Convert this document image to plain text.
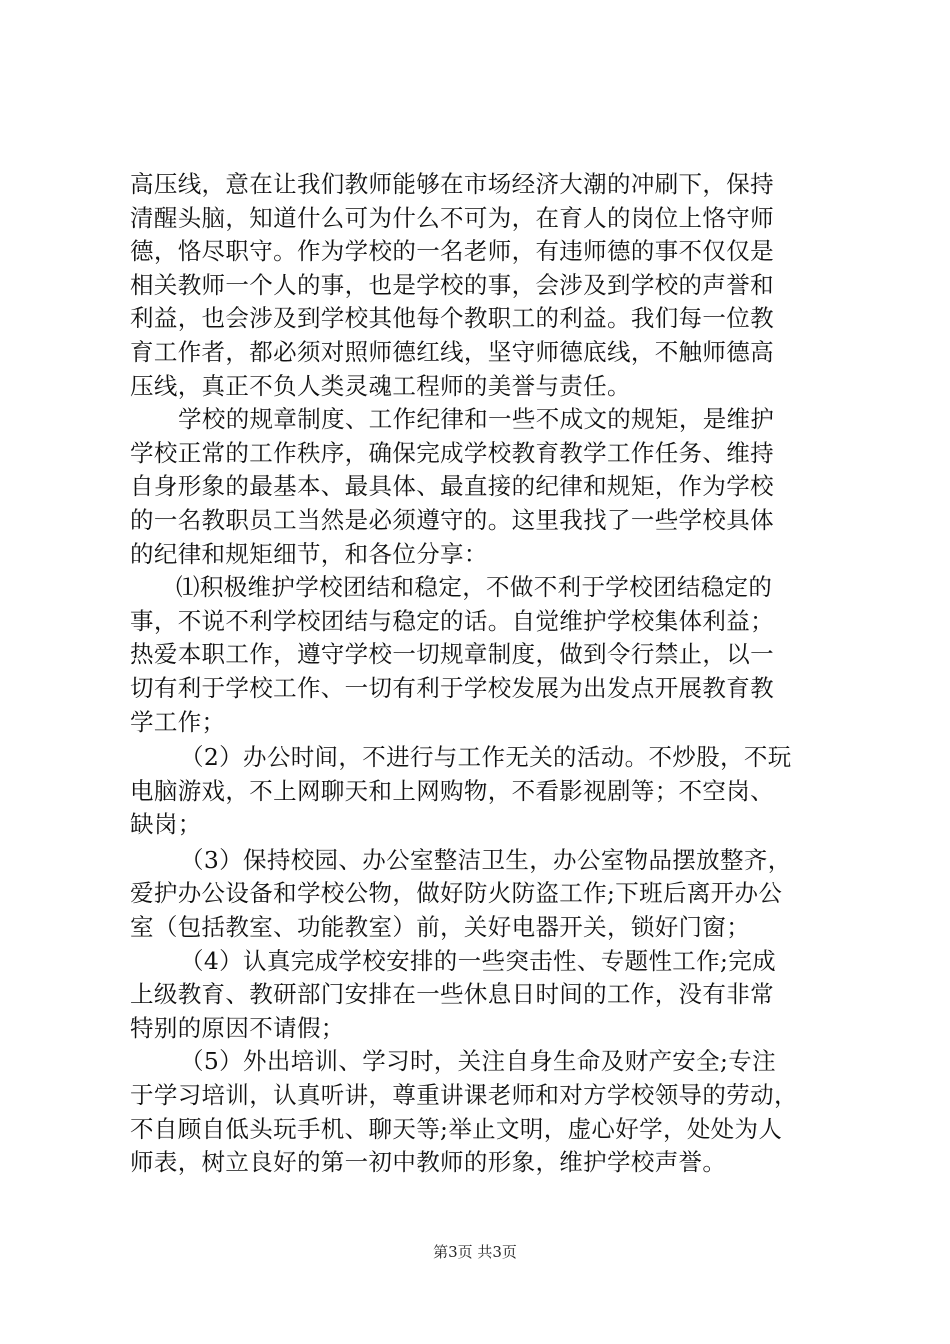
高压线，意在让我们教师能够在市场经济大潮的冲刷下，保持
清醒头脑，知道什么可为什么不可为，在育人的岗位上恪守师
德，恪尽职守。作为学校的一名老师，有违师德的事不仅仅是
相关教师一个人的事，也是学校的事，会涉及到学校的声誉和
利益，也会涉及到学校其他每个教职工的利益。我们每一位教
育工作者，都必须对照师德红线，坚守师德底线，不触师德高
压线，真正不负人类灵魂工程师的美誉与责任。
学校的规章制度、工作纪律和一些不成文的规矩，是维护
学校正常的工作秩序，确保完成学校教育教学工作任务、维持
自身形象的最基本、最具体、最直接的纪律和规矩，作为学校
的一名教职员工当然是必须遵守的。这里我找了一些学校具体
的纪律和规矩细节，和各位分享：
⑴积极维护学校团结和稳定，不做不利于学校团结稳定的
事，不说不利学校团结与稳定的话。自觉维护学校集体利益；
热爱本职工作，遵守学校一切规章制度，做到令行禁止，以一
切有利于学校工作、一切有利于学校发展为出发点开展教育教
学工作；
（2）办公时间，不进行与工作无关的活动。不炒股，不玩
电脑游戏，不上网聊天和上网购物，不看影视剧等；不空岗、
缺岗；
（3）保持校园、办公室整洁卫生，办公室物品摆放整齐，
爱护办公设备和学校公物，做好防火防盗工作;下班后离开办公
室（包括教室、功能教室）前，关好电器开关，锁好门窗；
（4）认真完成学校安排的一些突击性、专题性工作;完成
上级教育、教研部门安排在一些休息日时间的工作，没有非常
特别的原因不请假；
（5）外出培训、学习时，关注自身生命及财产安全;专注
于学习培训，认真听讲，尊重讲课老师和对方学校领导的劳动，
不自顾自低头玩手机、聊天等;举止文明，虚心好学，处处为人
师表，树立良好的第一初中教师的形象，维护学校声誉。
第3页 共3页
